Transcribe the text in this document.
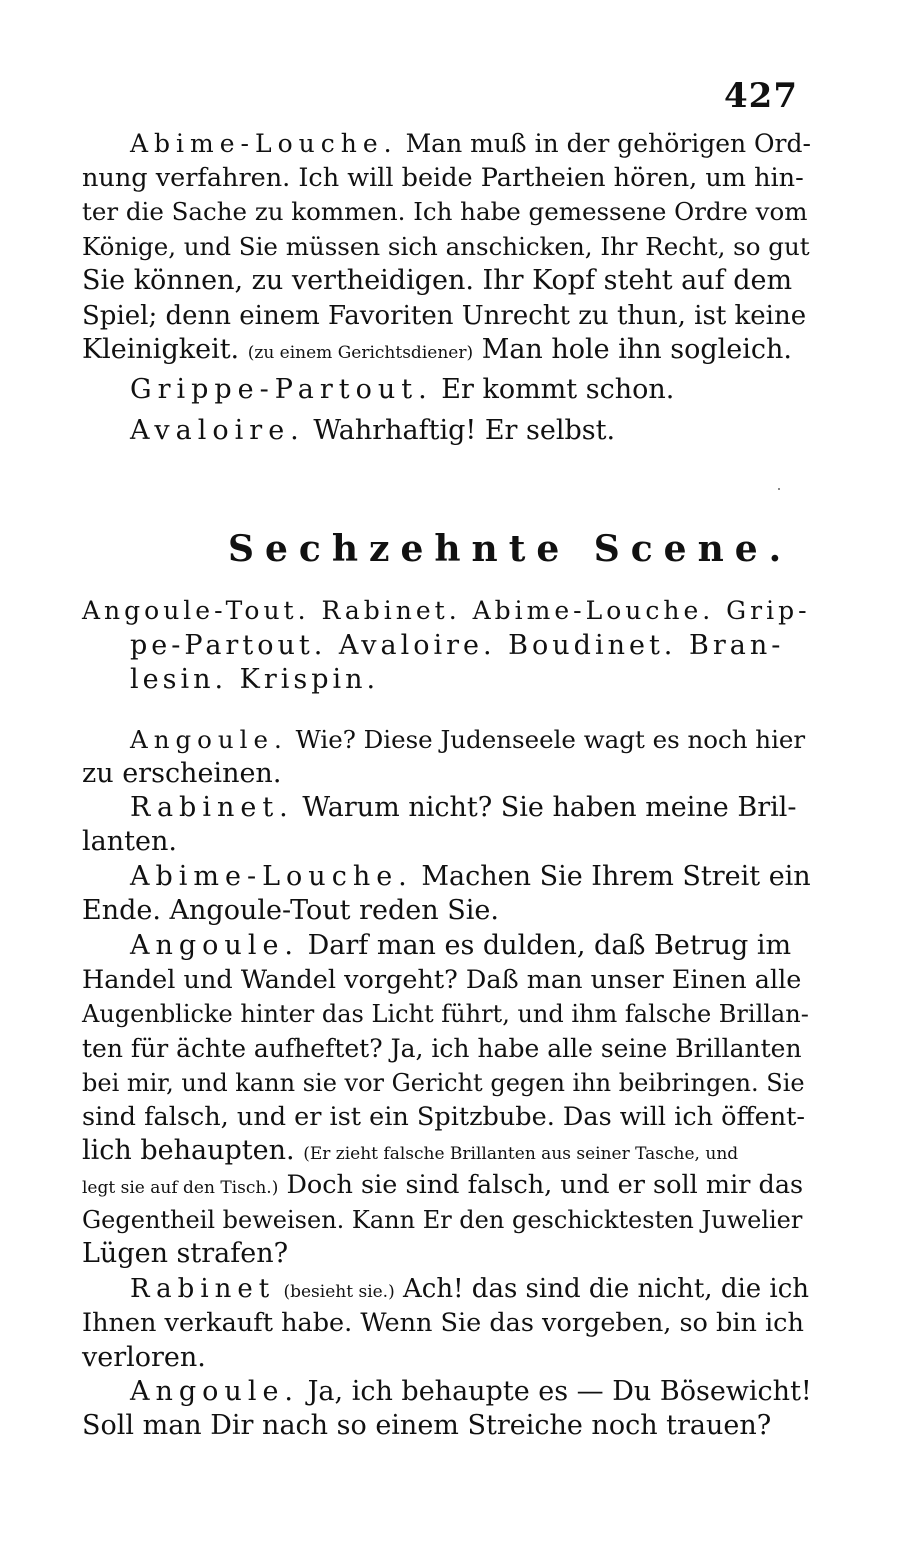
427
Abime-Louche. Man muß in der gehörigen Ord-
nung verfahren. Ich will beide Partheien hören, um hin-
ter die Sache zu kommen. Ich habe gemessene Ordre vom
Könige, und Sie müssen sich anschicken, Ihr Recht, so gut
Sie können, zu vertheidigen. Ihr Kopf steht auf dem
Spiel; denn einem Favoriten Unrecht zu thun, ist keine
Kleinigkeit. (zu einem Gerichtsdiener) Man hole ihn sogleich.
Grippe-Partout. Er kommt schon.
Avaloire. Wahrhaftig! Er selbst.
Sechzehnte Scene.
Angoule-Tout. Rabinet. Abime-Louche. Grip-
pe-Partout. Avaloire. Boudinet. Bran-
lesin. Krispin.
Angoule. Wie? Diese Judenseele wagt es noch hier
zu erscheinen.
Rabinet. Warum nicht? Sie haben meine Bril-
lanten.
Abime-Louche. Machen Sie Ihrem Streit ein
Ende. Angoule-Tout reden Sie.
Angoule. Darf man es dulden, daß Betrug im
Handel und Wandel vorgeht? Daß man unser Einen alle
Augenblicke hinter das Licht führt, und ihm falsche Brillan-
ten für ächte aufheftet? Ja, ich habe alle seine Brillanten
bei mir, und kann sie vor Gericht gegen ihn beibringen. Sie
sind falsch, und er ist ein Spitzbube. Das will ich öffent-
lich behaupten. (Er zieht falsche Brillanten aus seiner Tasche, und
legt sie auf den Tisch.) Doch sie sind falsch, und er soll mir das
Gegentheil beweisen. Kann Er den geschicktesten Juwelier
Lügen strafen?
Rabinet (besieht sie.) Ach! das sind die nicht, die ich
Ihnen verkauft habe. Wenn Sie das vorgeben, so bin ich
verloren.
Angoule. Ja, ich behaupte es — Du Bösewicht!
Soll man Dir nach so einem Streiche noch trauen?
